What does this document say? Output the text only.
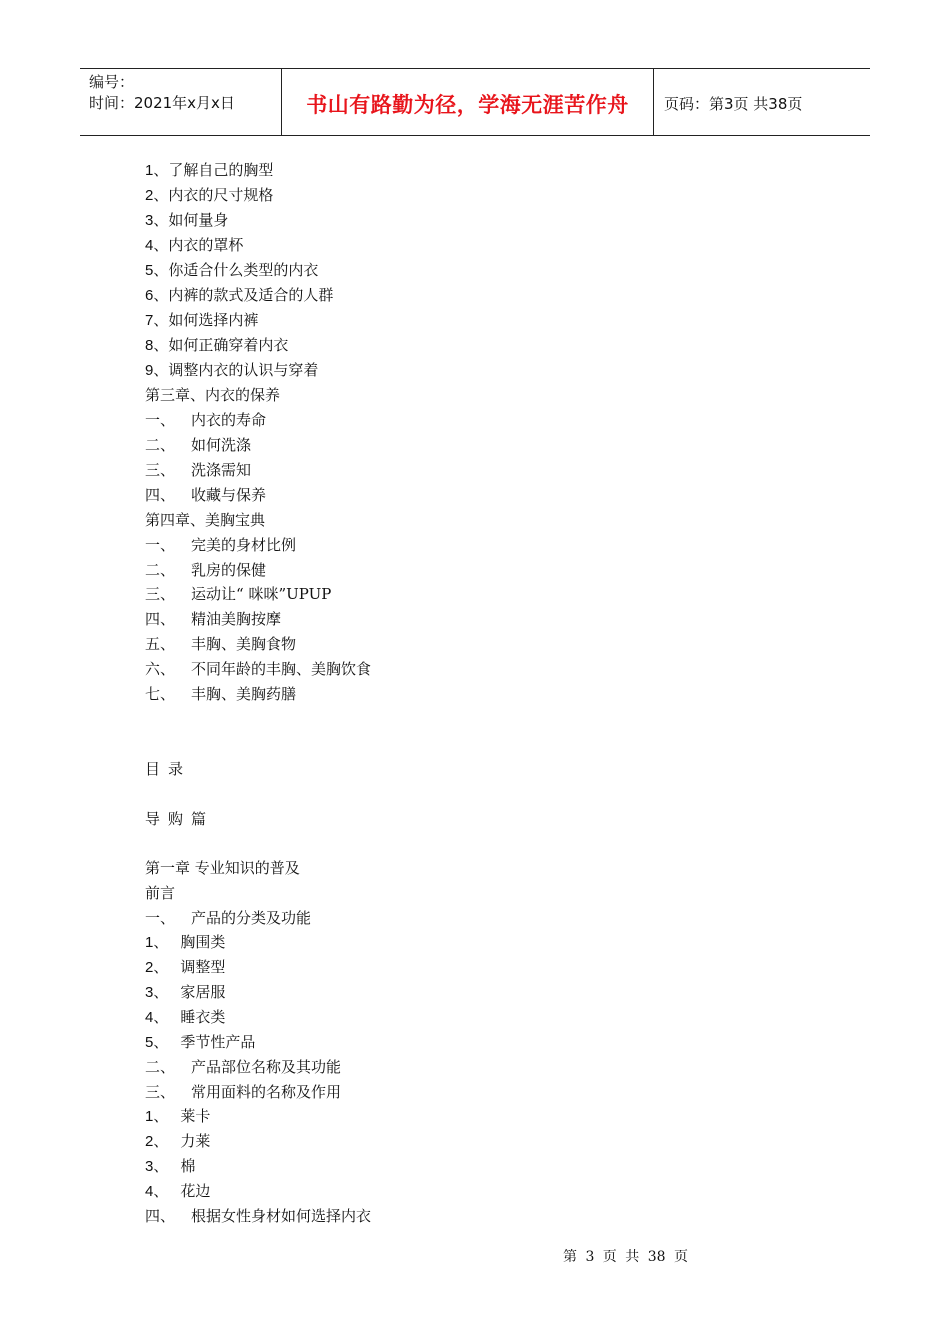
编号：
时间：2021年x月x日	书山有路勤为径，学海无涯苦作舟 页码：第3页 共38页
1、了解自己的胸型
2、内衣的尺寸规格
3、如何量身
4、内衣的罩杯
5、你适合什么类型的内衣
6、内裤的款式及适合的人群
7、如何选择内裤
8、如何正确穿着内衣
9、调整内衣的认识与穿着
第三章、内衣的保养
一、 内衣的寿命
二、 如何洗涤
三、 洗涤需知
四、 收藏与保养
第四章、美胸宝典
一、 完美的身材比例
二、 乳房的保健
三、 运动让“ 咪咪”UPUP
四、 精油美胸按摩
五、 丰胸、美胸食物
六、 不同年龄的丰胸、美胸饮食
七、 丰胸、美胸药膳
目录
导购篇
第一章 专业知识的普及
前言
一、 产品的分类及功能
1、 胸围类
2、 调整型
3、 家居服
4、 睡衣类
5、 季节性产品
二、 产品部位名称及其功能
三、 常用面料的名称及作用
1、 莱卡
2、 力莱
3、 棉
4、 花边
四、 根据女性身材如何选择内衣
第 3 页 共 38 页
